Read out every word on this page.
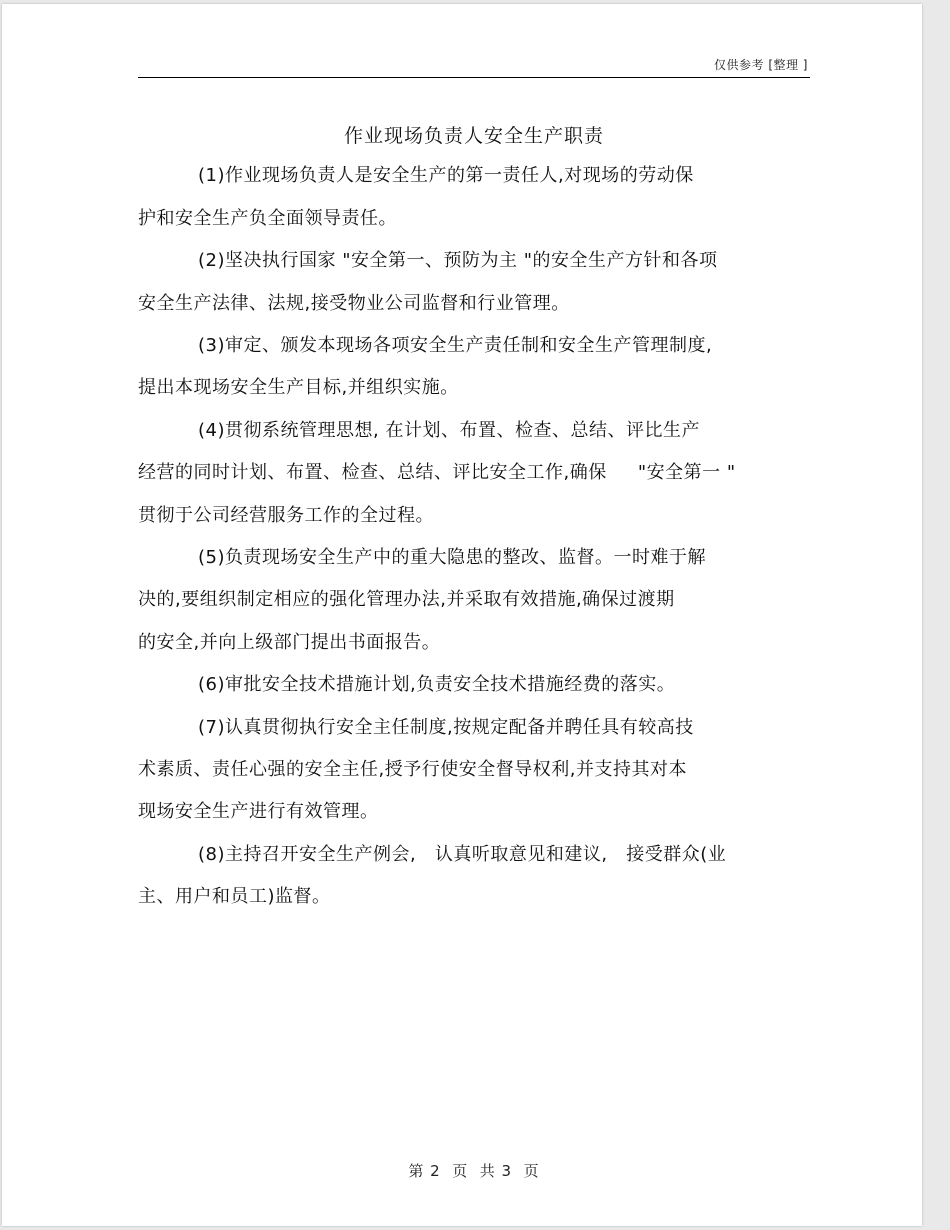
仅供参考 [整理 ]
作业现场负责人安全生产职责
(1)作业现场负责人是安全生产的第一责任人,对现场的劳动保
护和安全生产负全面领导责任。
(2)坚决执行国家 "安全第一、预防为主 "的安全生产方针和各项
安全生产法律、法规,接受物业公司监督和行业管理。
(3)审定、颁发本现场各项安全生产责任制和安全生产管理制度,
提出本现场安全生产目标,并组织实施。
(4)贯彻系统管理思想, 在计划、布置、检查、总结、评比生产
经营的同时计划、布置、检查、总结、评比安全工作,确保     "安全第一 "
贯彻于公司经营服务工作的全过程。
(5)负责现场安全生产中的重大隐患的整改、监督。一时难于解
决的,要组织制定相应的强化管理办法,并采取有效措施,确保过渡期
的安全,并向上级部门提出书面报告。
(6)审批安全技术措施计划,负责安全技术措施经费的落实。
(7)认真贯彻执行安全主任制度,按规定配备并聘任具有较高技
术素质、责任心强的安全主任,授予行使安全督导权利,并支持其对本
现场安全生产进行有效管理。
(8)主持召开安全生产例会,   认真听取意见和建议,   接受群众(业
主、用户和员工)监督。
第 2  页  共 3  页
